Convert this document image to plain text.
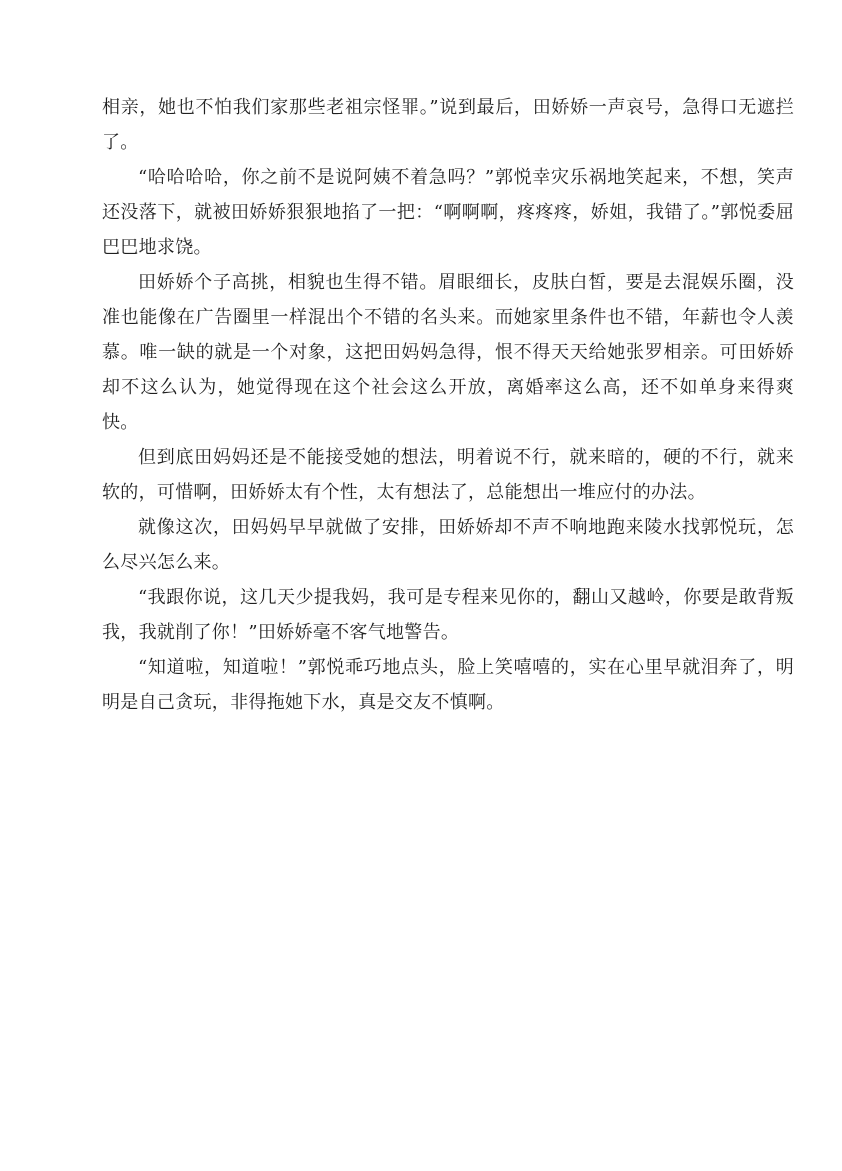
相亲，她也不怕我们家那些老祖宗怪罪。”说到最后，田娇娇一声哀号，急得口无遮拦了。

“哈哈哈哈，你之前不是说阿姨不着急吗？”郭悦幸灾乐祸地笑起来，不想，笑声还没落下，就被田娇娇狠狠地掐了一把：“啊啊啊，疼疼疼，娇姐，我错了。”郭悦委屈巴巴地求饶。

田娇娇个子高挑，相貌也生得不错。眉眼细长，皮肤白皙，要是去混娱乐圈，没准也能像在广告圈里一样混出个不错的名头来。而她家里条件也不错，年薪也令人羡慕。唯一缺的就是一个对象，这把田妈妈急得，恨不得天天给她张罗相亲。可田娇娇却不这么认为，她觉得现在这个社会这么开放，离婚率这么高，还不如单身来得爽快。

但到底田妈妈还是不能接受她的想法，明着说不行，就来暗的，硬的不行，就来软的，可惜啊，田娇娇太有个性，太有想法了，总能想出一堆应付的办法。

就像这次，田妈妈早早就做了安排，田娇娇却不声不响地跑来陵水找郭悦玩，怎么尽兴怎么来。

“我跟你说，这几天少提我妈，我可是专程来见你的，翻山又越岭，你要是敢背叛我，我就削了你！”田娇娇毫不客气地警告。

“知道啦，知道啦！”郭悦乖巧地点头，脸上笑嘻嘻的，实在心里早就泪奔了，明明是自己贪玩，非得拖她下水，真是交友不慎啊。
